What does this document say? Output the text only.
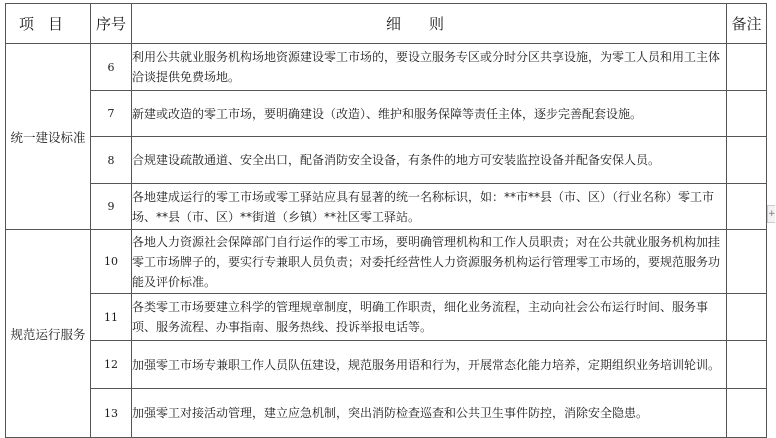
项目	序号	细则	备注
统一建设标准	6	利用公共就业服务机构场地资源建设零工市场的，要设立服务专区或分时分区共享设施，为零工人员和用工主体洽谈提供免费场地。	
	7	新建或改造的零工市场，要明确建设（改造）、维护和服务保障等责任主体，逐步完善配套设施。	
	8	合规建设疏散通道、安全出口，配备消防安全设备，有条件的地方可安装监控设备并配备安保人员。	
	9	各地建成运行的零工市场或零工驿站应具有显著的统一名称标识，如：**市**县（市、区）（行业名称）零工市场、**县（市、区）**街道（乡镇）**社区零工驿站。	
规范运行服务	10	各地人力资源社会保障部门自行运作的零工市场，要明确管理机构和工作人员职责；对在公共就业服务机构加挂零工市场牌子的，要实行专兼职人员负责；对委托经营性人力资源服务机构运行管理零工市场的，要规范服务功能及评价标准。	
	11	各类零工市场要建立科学的管理规章制度，明确工作职责，细化业务流程，主动向社会公布运行时间、服务事项、服务流程、办事指南、服务热线、投诉举报电话等。	
	12	加强零工市场专兼职工作人员队伍建设，规范服务用语和行为，开展常态化能力培养，定期组织业务培训轮训。	
	13	加强零工对接活动管理，建立应急机制，突出消防检查巡查和公共卫生事件防控，消除安全隐患。	
+
